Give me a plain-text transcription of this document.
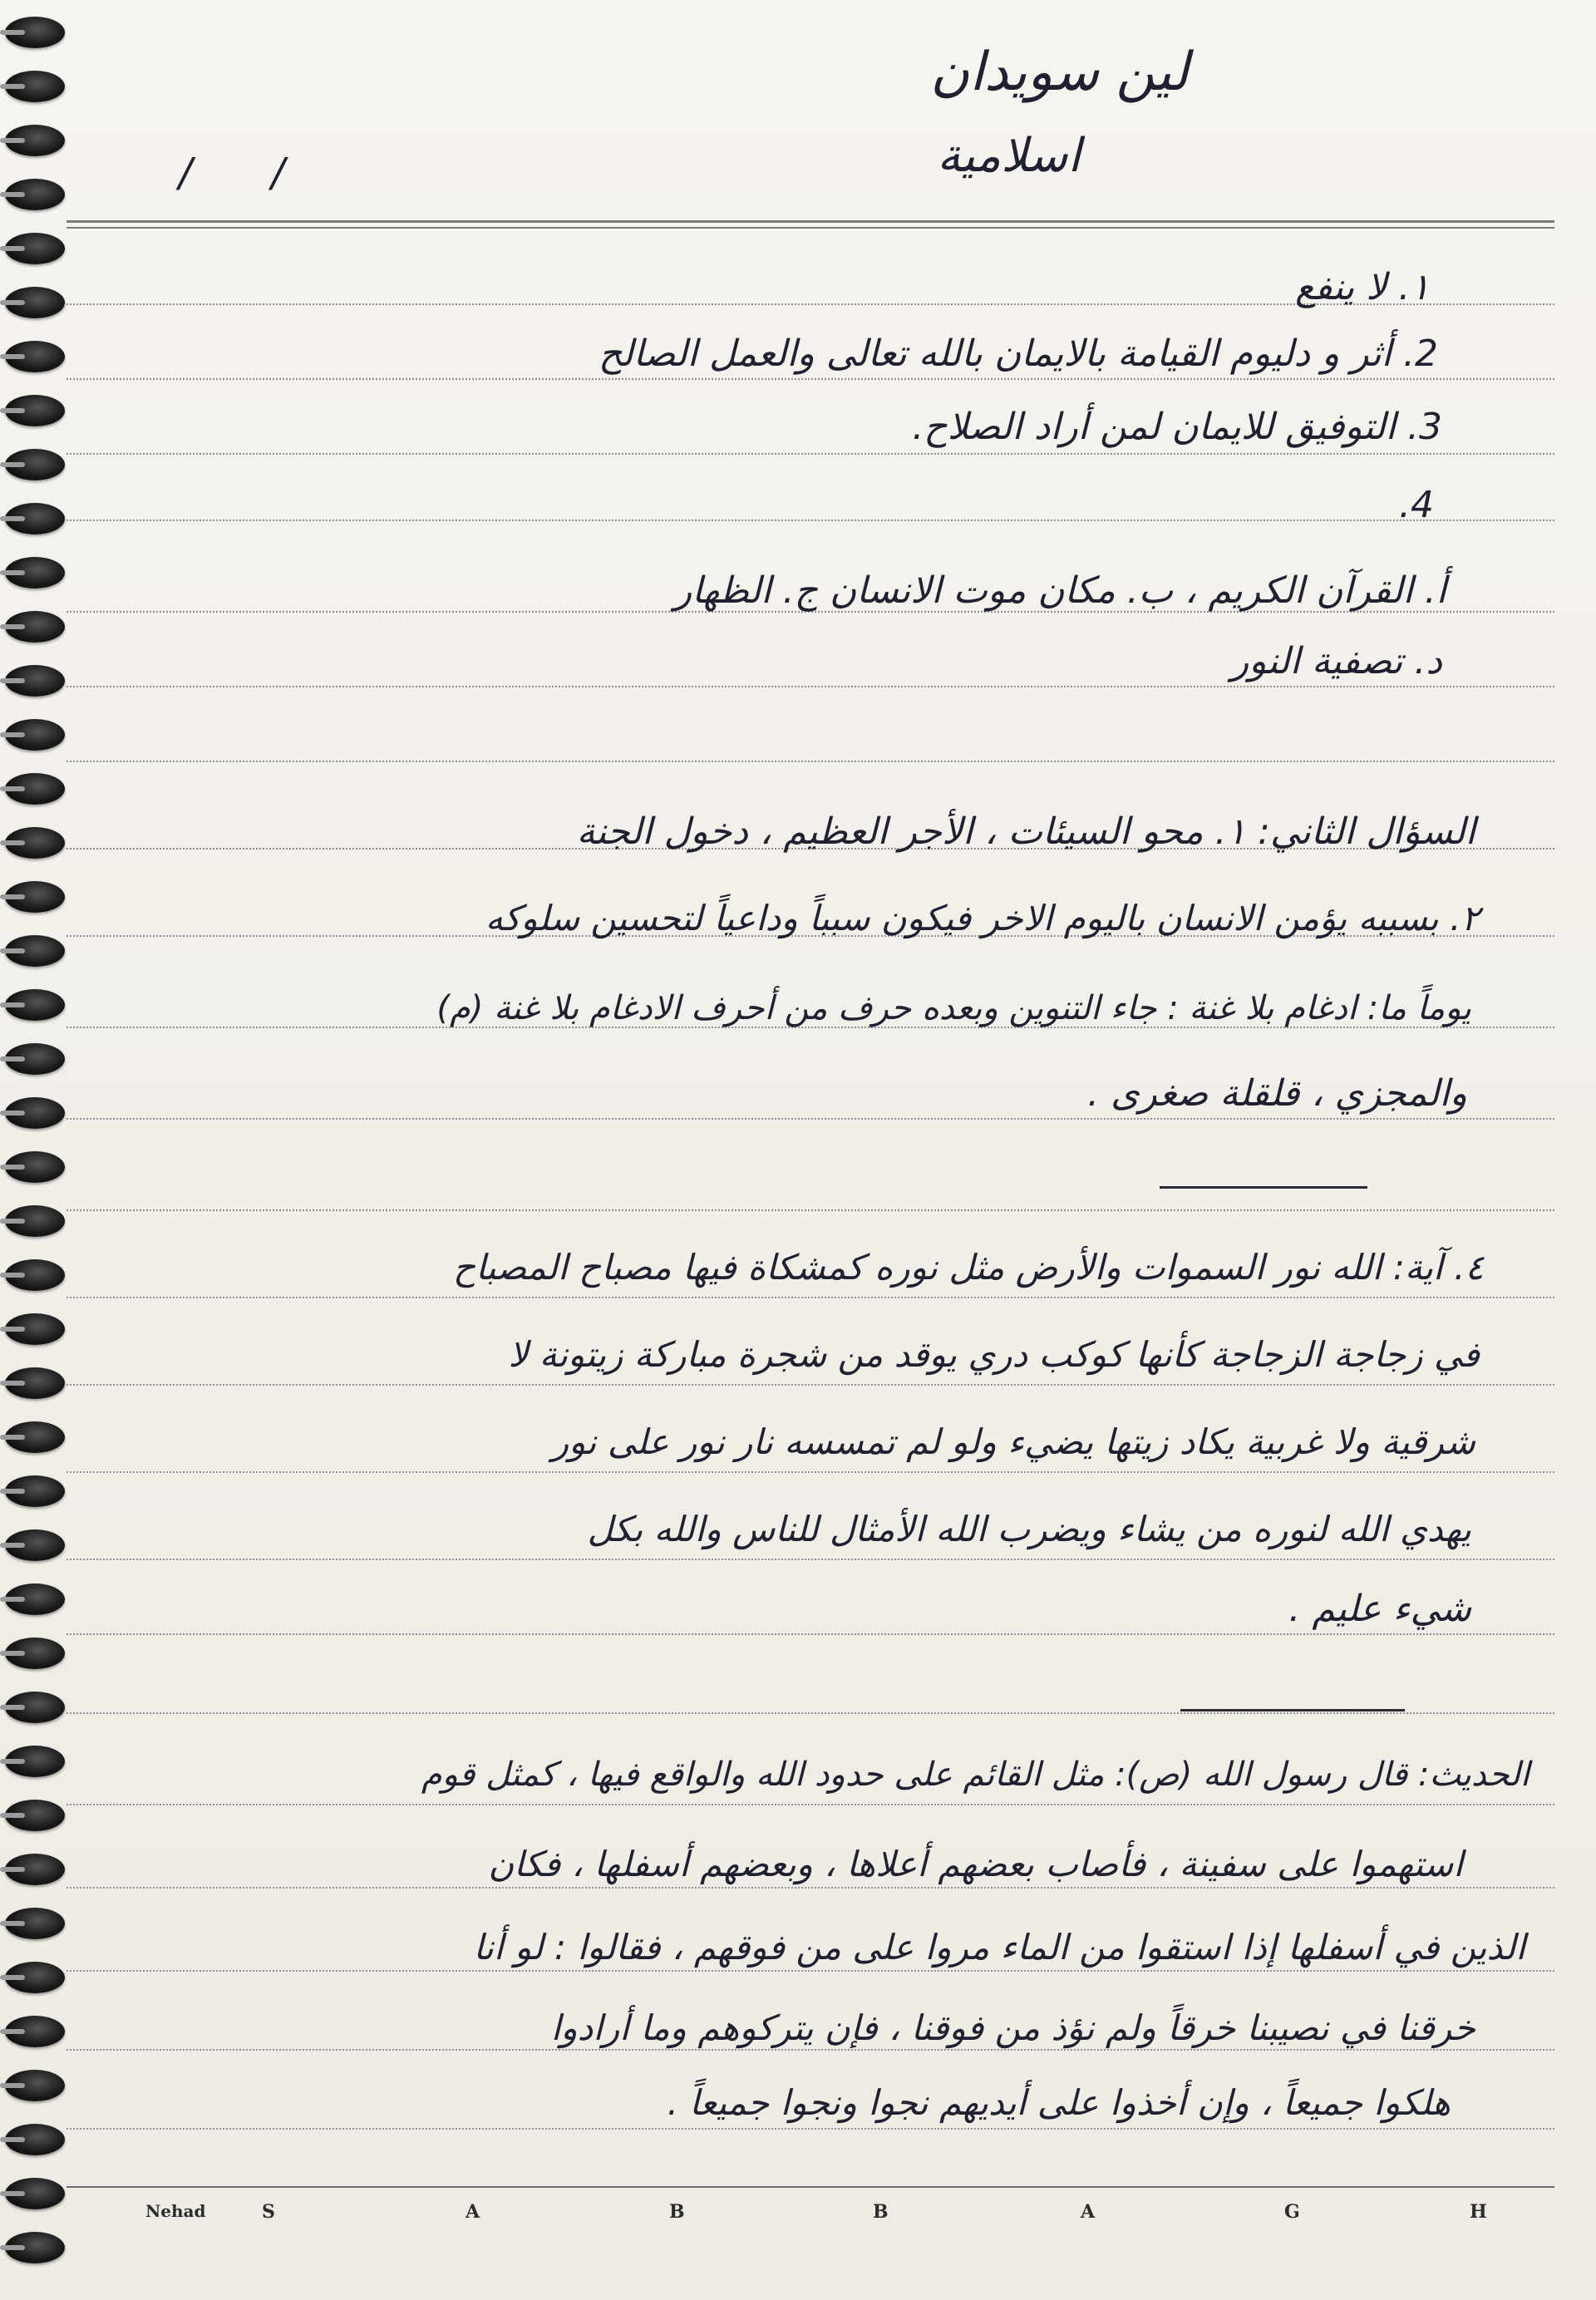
لين سويدان
اسلامية
/ /
١. لا ينفع
2. أثر و دليوم القيامة بالايمان بالله تعالى والعمل الصالح
3. التوفيق للايمان لمن أراد الصلاح.
4.
أ. القرآن الكريم ، ب. مكان موت الانسان ج. الظهار
د. تصفية النور
السؤال الثاني: ١. محو السيئات ، الأجر العظيم ، دخول الجنة
٢. بسببه يؤمن الانسان باليوم الاخر فيكون سبباً وداعياً لتحسين سلوكه
يوماً ما: ادغام بلا غنة : جاء التنوين وبعده حرف من أحرف الادغام بلا غنة (م)
والمجزي ، قلقلة صغرى .
٤. آية: الله نور السموات والأرض مثل نوره كمشكاة فيها مصباح المصباح
في زجاجة الزجاجة كأنها كوكب دري يوقد من شجرة مباركة زيتونة لا
شرقية ولا غربية يكاد زيتها يضيء ولو لم تمسسه نار نور على نور
يهدي الله لنوره من يشاء ويضرب الله الأمثال للناس والله بكل
شيء عليم .
الحديث: قال رسول الله (ص): مثل القائم على حدود الله والواقع فيها ، كمثل قوم
استهموا على سفينة ، فأصاب بعضهم أعلاها ، وبعضهم أسفلها ، فكان
الذين في أسفلها إذا استقوا من الماء مروا على من فوقهم ، فقالوا : لو أنا
خرقنا في نصيبنا خرقاً ولم نؤذ من فوقنا ، فإن يتركوهم وما أرادوا
هلكوا جميعاً ، وإن أخذوا على أيديهم نجوا ونجوا جميعاً .
Nehad	S	A	B	B	A	G	H
